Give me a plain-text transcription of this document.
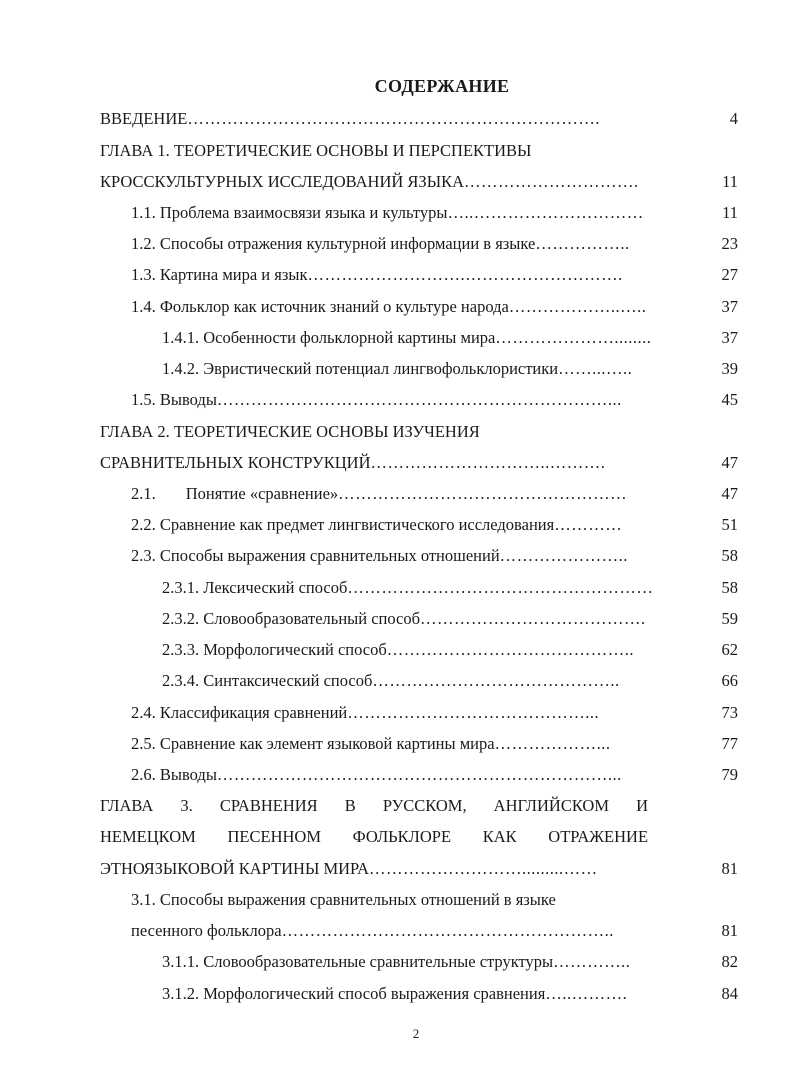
СОДЕРЖАНИЕ
ВВЕДЕНИЕ……………………………………………………………….	4
ГЛАВА 1. ТЕОРЕТИЧЕСКИЕ ОСНОВЫ И ПЕРСПЕКТИВЫ
КРОССКУЛЬТУРНЫХ ИССЛЕДОВАНИЙ ЯЗЫКА………………………….	11
1.1. Проблема взаимосвязи языка и культуры…..…………………………	11
1.2. Способы отражения культурной информации в языке……………..	23
1.3. Картина мира и язык……………………….……………………….	27
1.4. Фольклор как источник знаний о культуре народа………………..…..	37
1.4.1. Особенности фольклорной картины мира…………………........	37
1.4.2. Эвристический потенциал лингвофольклористики……...…..	39
1.5. Выводы……………………………………………………………...	45
ГЛАВА 2. ТЕОРЕТИЧЕСКИЕ ОСНОВЫ ИЗУЧЕНИЯ
СРАВНИТЕЛЬНЫХ КОНСТРУКЦИЙ…………………………..……….	47
2.1. Понятие «сравнение»……………………………………………	47
2.2. Сравнение как предмет лингвистического исследования…………	51
2.3. Способы выражения сравнительных отношений…………………..	58
2.3.1. Лексический способ………………………………………………	58
2.3.2. Словообразовательный способ………………………………….	59
2.3.3. Морфологический способ……………………………………..	62
2.3.4. Синтаксический способ……………………………………..	66
2.4. Классификация сравнений……………………………………...	73
2.5. Сравнение как элемент языковой картины мира………………...	77
2.6. Выводы……………………………………………………………...	79
ГЛАВА 3. СРАВНЕНИЯ В РУССКОМ, АНГЛИЙСКОМ И
НЕМЕЦКОМ ПЕСЕННОМ ФОЛЬКЛОРЕ КАК ОТРАЖЕНИЕ
ЭТНОЯЗЫКОВОЙ КАРТИНЫ МИРА……………………….........……	81
3.1. Способы выражения сравнительных отношений в языке
песенного фольклора…………………………………………………..	81
3.1.1. Словообразовательные сравнительные структуры…………..	82
3.1.2. Морфологический способ выражения сравнения…..……….	84
2
